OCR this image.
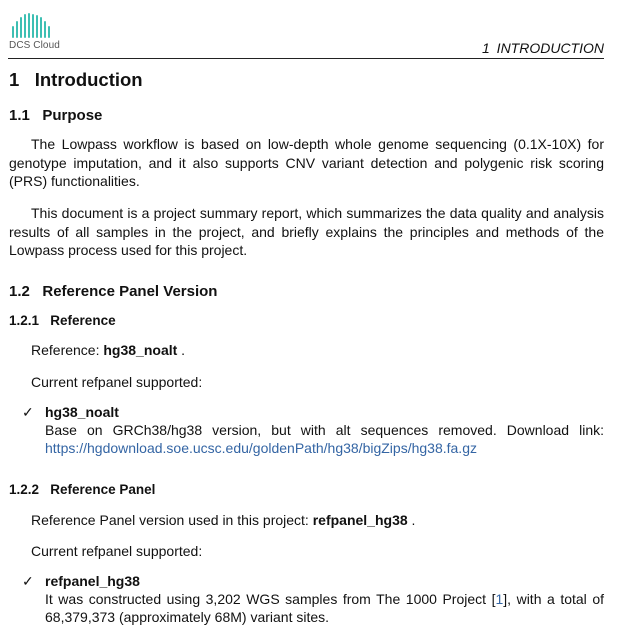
DCS Cloud	1 INTRODUCTION
1 Introduction
1.1 Purpose

The Lowpass workflow is based on low-depth whole genome sequencing (0.1X-10X) for genotype imputation, and it also supports CNV variant detection and polygenic risk scoring (PRS) functionalities.

This document is a project summary report, which summarizes the data quality and analysis results of all samples in the project, and briefly explains the principles and methods of the Lowpass process used for this project.

1.2 Reference Panel Version
1.2.1 Reference
Reference: hg38_noalt .
Current refpanel supported:
✓ hg38_noalt

Base on GRCh38/hg38 version, but with alt sequences removed. Download link: https://hgdownload.soe.ucsc.edu/goldenPath/hg38/bigZips/hg38.fa.gz

1.2.2 Reference Panel
Reference Panel version used in this project: refpanel_hg38 .
Current refpanel supported:
✓ refpanel_hg38

It was constructed using 3,202 WGS samples from The 1000 Project [1], with a total of 68,379,373 (approximately 68M) variant sites.
